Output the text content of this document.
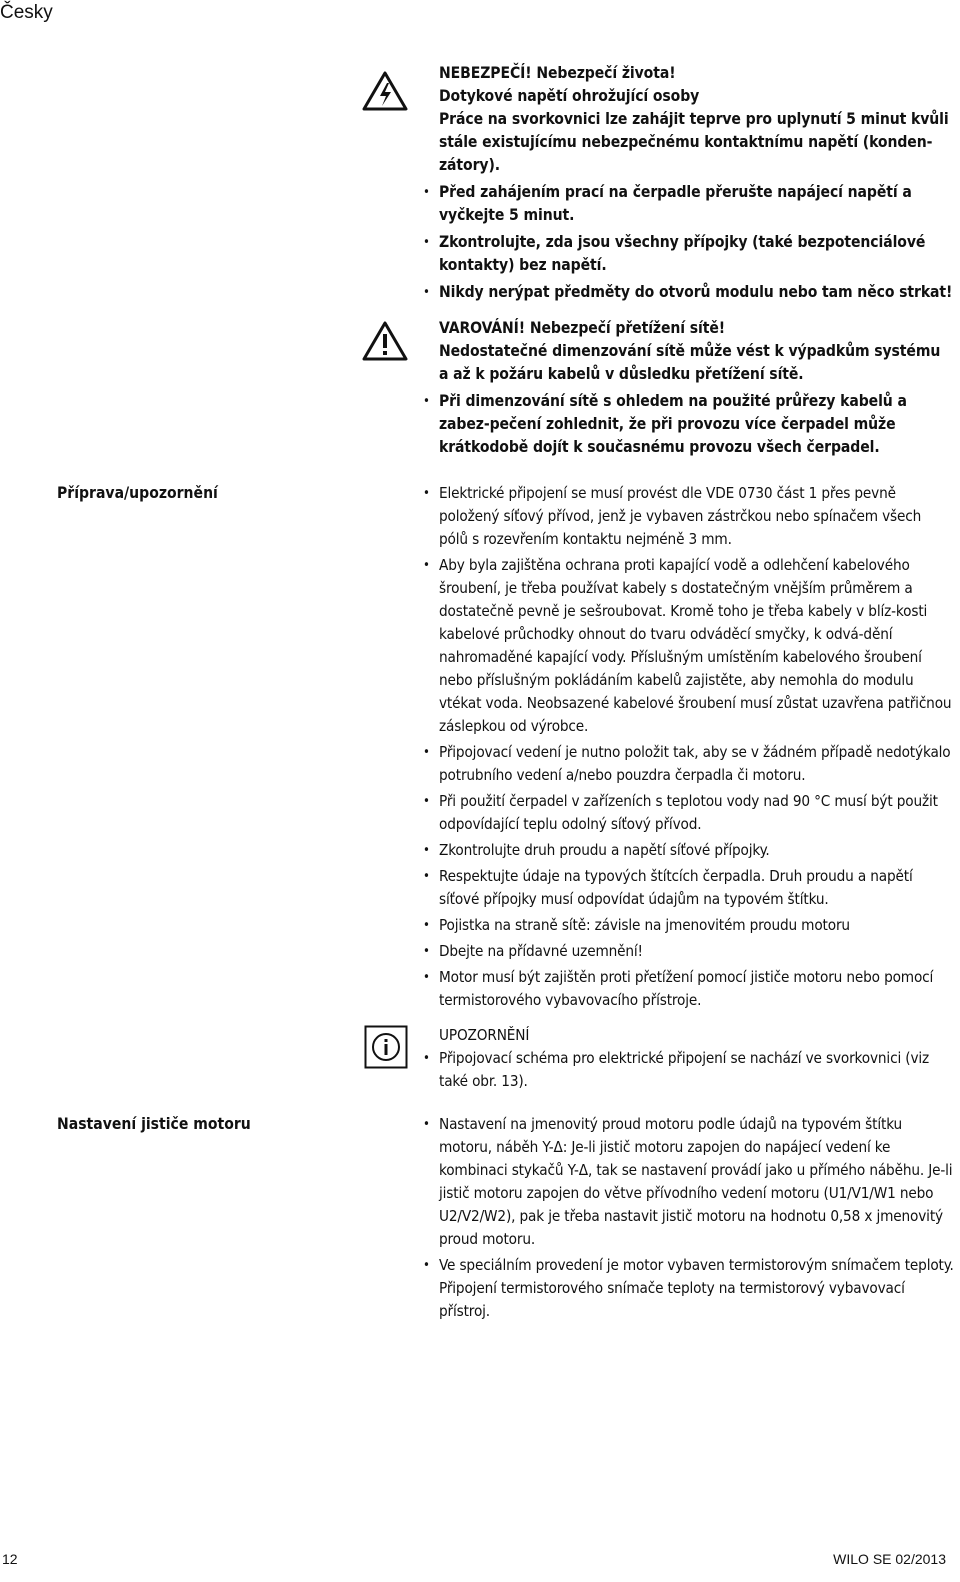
Česky

NEBEZPEČÍ! Nebezpečí života!

Dotykové napětí ohrožující osoby

Práce na svorkovnici lze zahájit teprve pro uplynutí 5 minut kvůli stále existujícímu nebezpečnému kontaktnímu napětí (konden-zátory).

• Před zahájením prací na čerpadle přerušte napájecí napětí a vyčkejte 5 minut.
• Zkontrolujte, zda jsou všechny přípojky (také bezpotenciálové kontakty) bez napětí.
• Nikdy nerýpat předměty do otvorů modulu nebo tam něco strkat!

VAROVÁNÍ! Nebezpečí přetížení sítě!

Nedostatečné dimenzování sítě může vést k výpadkům systému a až k požáru kabelů v důsledku přetížení sítě.

• Při dimenzování sítě s ohledem na použité průřezy kabelů a zabez-pečení zohlednit, že při provozu více čerpadel může krátkodobě dojít k současnému provozu všech čerpadel.
Příprava/upozornění	• Elektrické připojení se musí provést dle VDE 0730 část 1 přes pevně položený síťový přívod, jenž je vybaven zástrčkou nebo spínačem všech pólů s rozevřením kontaktu nejméně 3 mm.
• Aby byla zajištěna ochrana proti kapající vodě a odlehčení kabelového šroubení, je třeba používat kabely s dostatečným vnějším průměrem a dostatečně pevně je sešroubovat. Kromě toho je třeba kabely v blíz-kosti kabelové průchodky ohnout do tvaru odváděcí smyčky, k odvá-dění nahromaděné kapající vody. Příslušným umístěním kabelového šroubení nebo příslušným pokládáním kabelů zajistěte, aby nemohla do modulu vtékat voda. Neobsazené kabelové šroubení musí zůstat uzavřena patřičnou záslepkou od výrobce.
• Připojovací vedení je nutno položit tak, aby se v žádném případě nedotýkalo potrubního vedení a/nebo pouzdra čerpadla či motoru.
• Při použití čerpadel v zařízeních s teplotou vody nad 90 °C musí být použit odpovídající teplu odolný síťový přívod.
• Zkontrolujte druh proudu a napětí síťové přípojky.
• Respektujte údaje na typových štítcích čerpadla. Druh proudu a napětí síťové přípojky musí odpovídat údajům na typovém štítku.
• Pojistka na straně sítě: závisle na jmenovitém proudu motoru
• Dbejte na přídavné uzemnění!
• Motor musí být zajištěn proti přetížení pomocí jističe motoru nebo pomocí termistorového vybavovacího přístroje.
UPOZORNĚNÍ
• Připojovací schéma pro elektrické připojení se nachází ve svorkovnici (viz také obr. 13).
Nastavení jističe motoru	• Nastavení na jmenovitý proud motoru podle údajů na typovém štítku motoru, náběh Y-Δ: Je-li jistič motoru zapojen do napájecí vedení ke kombinaci stykačů Y-Δ, tak se nastavení provádí jako u přímého náběhu. Je-li jistič motoru zapojen do větve přívodního vedení motoru (U1/V1/W1 nebo U2/V2/W2), pak je třeba nastavit jistič motoru na hodnotu 0,58 x jmenovitý proud motoru.
• Ve speciálním provedení je motor vybaven termistorovým snímačem teploty. Připojení termistorového snímače teploty na termistorový vybavovací přístroj.
12	WILO SE 02/2013
